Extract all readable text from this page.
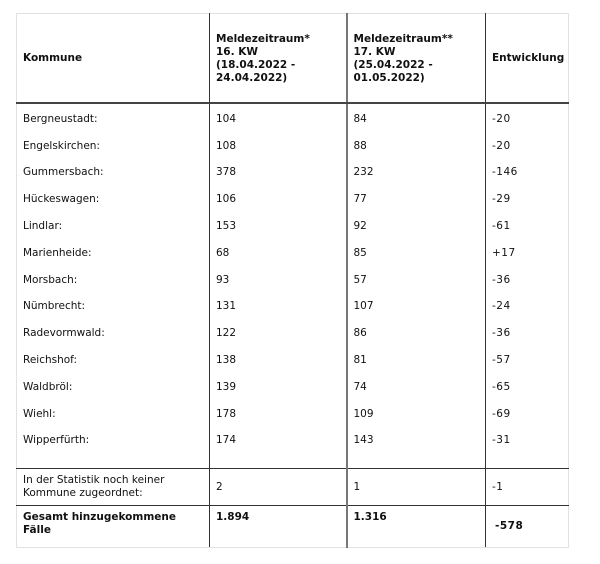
Kommune	Meldezeitraum*
16. KW
(18.04.2022 -
24.04.2022)	Meldezeitraum**
17. KW
(25.04.2022 -
01.05.2022)	Entwicklung
Bergneustadt:	104	84	-20
Engelskirchen:	108	88	-20
Gummersbach:	378	232	-146
Hückeswagen:	106	77	-29
Lindlar:	153	92	-61
Marienheide:	68	85	+17
Morsbach:	93	57	-36
Nümbrecht:	131	107	-24
Radevormwald:	122	86	-36
Reichshof:	138	81	-57
Waldbröl:	139	74	-65
Wiehl:	178	109	-69
Wipperfürth:	174	143	-31

In der Statistik noch keiner
Kommune zugeordnet:	2	1	-1
Gesamt hinzugekommene
Fälle	1.894	1.316	-578
